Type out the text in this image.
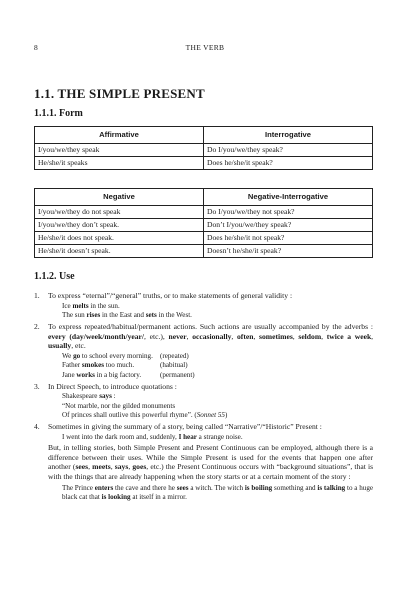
8	THE VERB
1.1. THE SIMPLE PRESENT
1.1.1. Form
Affirmative	Interrogative
I/you/we/they speak	Do I/you/we/they speak?
He/she/it speaks	Does he/she/it speak?
Negative	Negative-Interrogative
I/you/we/they do not speak	Do I/you/we/they not speak?
I/you/we/they don’t speak.	Don’t I/you/we/they speak?
He/she/it does not speak.	Does he/she/it not speak?
He/she/it doesn’t speak.	Doesn’t he/she/it speak?
1.1.2. Use
1. To express “eternal”/“general” truths, or to make statements of general validity :
Ice melts in the sun.
The sun rises in the East and sets in the West.
2. To express repeated/habitual/permanent actions. Such actions are usually accompanied by the adverbs : every (day/week/month/year/, etc.), never, occasionally, often, sometimes, seldom, twice a week, usually, etc.
We go to school every morning.	(repeated)
Father smokes too much.	(habitual)
Jane works in a big factory.	(permanent)
3. In Direct Speech, to introduce quotations :
Shakespeare says :
“Not marble, nor the gilded monuments
Of princes shall outlive this powerful rhyme”. (Sonnet 55)
4. Sometimes in giving the summary of a story, being called “Narrative”/“Historic” Present :
I went into the dark room and, suddenly, I hear a strange noise.
But, in telling stories, both Simple Present and Present Continuous can be employed, although there is a difference between their uses. While the Simple Present is used for the events that happen one after another (sees, meets, says, goes, etc.) the Present Continuous occurs with “background situations”, that is with the things that are already happening when the story starts or at a certain moment of the story :
The Prince enters the cave and there he sees a witch. The witch is boiling something and is talking to a huge black cat that is looking at itself in a mirror.
